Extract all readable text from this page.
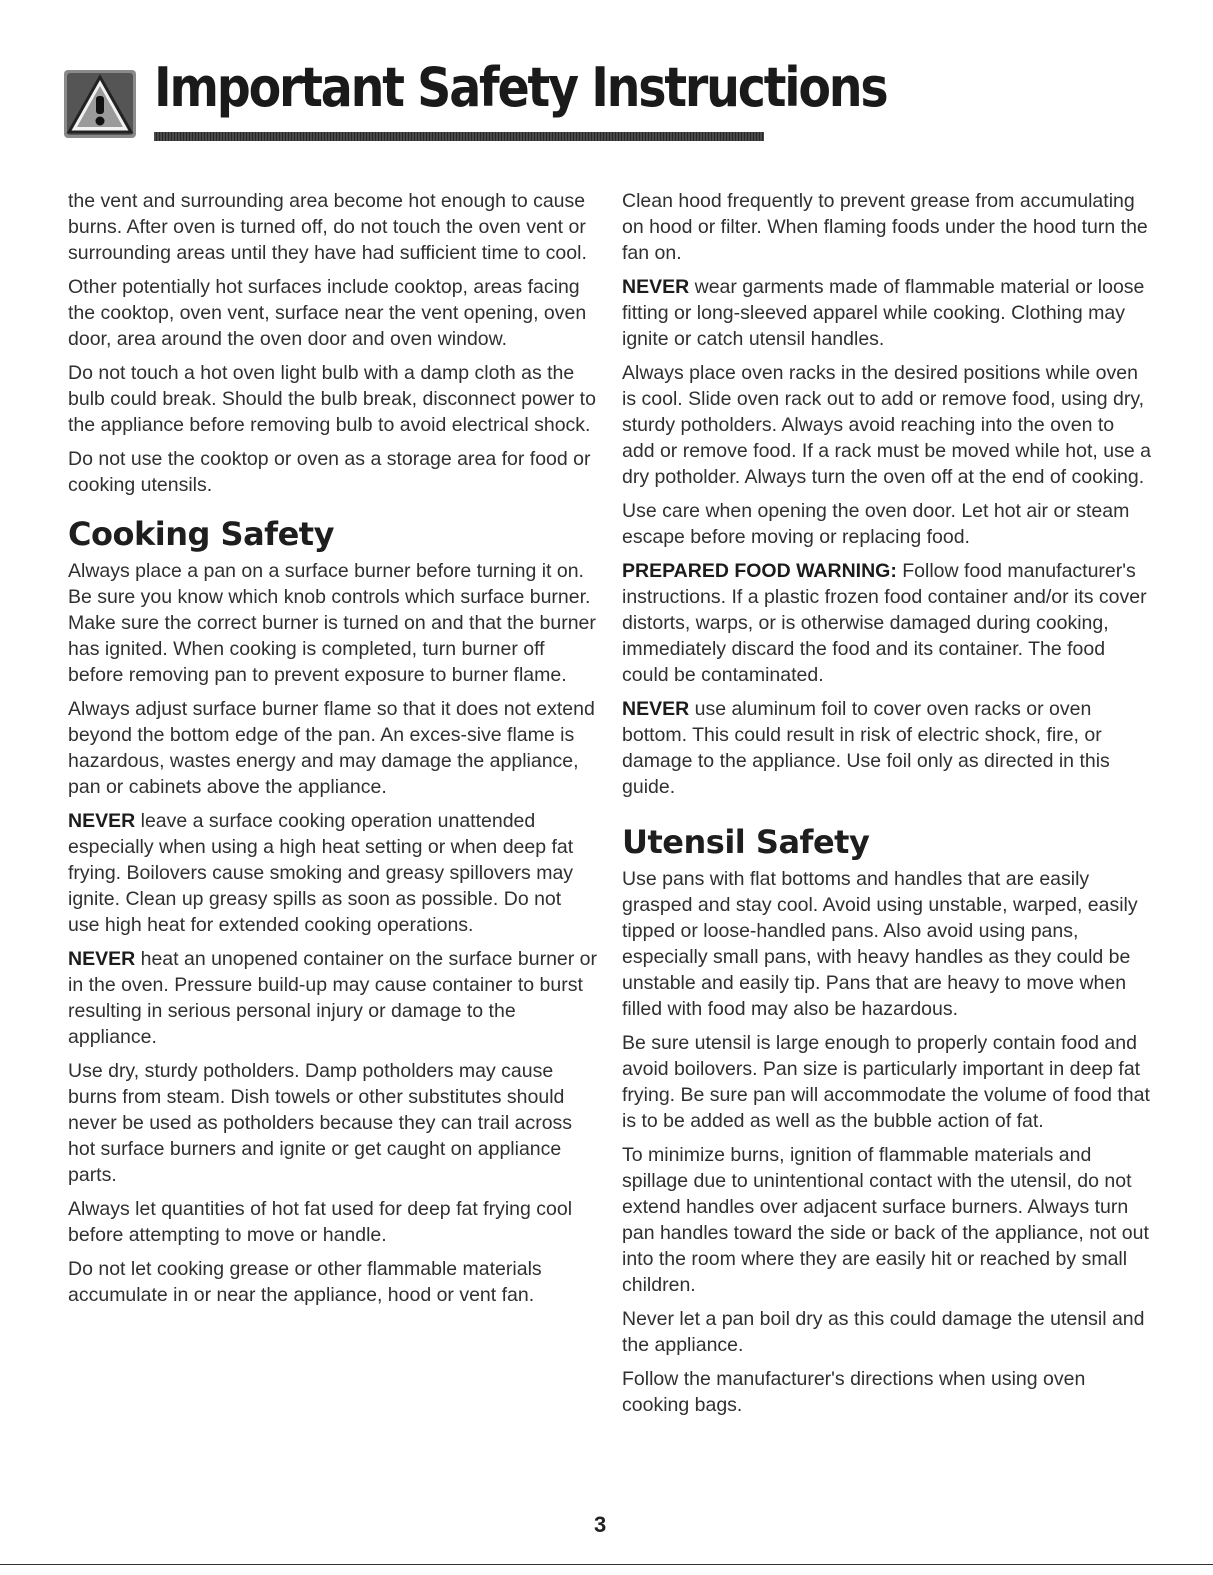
Important Safety Instructions

the vent and surrounding area become hot enough to cause burns. After oven is turned off, do not touch the oven vent or surrounding areas until they have had sufficient time to cool.

Other potentially hot surfaces include cooktop, areas facing the cooktop, oven vent, surface near the vent opening, oven door, area around the oven door and oven window.

Do not touch a hot oven light bulb with a damp cloth as the bulb could break. Should the bulb break, disconnect power to the appliance before removing bulb to avoid electrical shock.

Do not use the cooktop or oven as a storage area for food or cooking utensils.

Cooking Safety

Always place a pan on a surface burner before turning it on. Be sure you know which knob controls which surface burner. Make sure the correct burner is turned on and that the burner has ignited. When cooking is completed, turn burner off before removing pan to prevent exposure to burner flame.

Always adjust surface burner flame so that it does not extend beyond the bottom edge of the pan. An exces-sive flame is hazardous, wastes energy and may damage the appliance, pan or cabinets above the appliance.

NEVER leave a surface cooking operation unattended especially when using a high heat setting or when deep fat frying. Boilovers cause smoking and greasy spillovers may ignite. Clean up greasy spills as soon as possible. Do not use high heat for extended cooking operations.

NEVER heat an unopened container on the surface burner or in the oven. Pressure build-up may cause container to burst resulting in serious personal injury or damage to the appliance.

Use dry, sturdy potholders. Damp potholders may cause burns from steam. Dish towels or other substitutes should never be used as potholders because they can trail across hot surface burners and ignite or get caught on appliance parts.

Always let quantities of hot fat used for deep fat frying cool before attempting to move or handle.

Do not let cooking grease or other flammable materials accumulate in or near the appliance, hood or vent fan.

Clean hood frequently to prevent grease from accumulating on hood or filter. When flaming foods under the hood turn the fan on.

NEVER wear garments made of flammable material or loose fitting or long-sleeved apparel while cooking. Clothing may ignite or catch utensil handles.

Always place oven racks in the desired positions while oven is cool. Slide oven rack out to add or remove food, using dry, sturdy potholders. Always avoid reaching into the oven to add or remove food. If a rack must be moved while hot, use a dry potholder. Always turn the oven off at the end of cooking.

Use care when opening the oven door. Let hot air or steam escape before moving or replacing food.

PREPARED FOOD WARNING: Follow food manufacturer's instructions. If a plastic frozen food container and/or its cover distorts, warps, or is otherwise damaged during cooking, immediately discard the food and its container. The food could be contaminated.

NEVER use aluminum foil to cover oven racks or oven bottom. This could result in risk of electric shock, fire, or damage to the appliance. Use foil only as directed in this guide.

Utensil Safety

Use pans with flat bottoms and handles that are easily grasped and stay cool. Avoid using unstable, warped, easily tipped or loose-handled pans. Also avoid using pans, especially small pans, with heavy handles as they could be unstable and easily tip. Pans that are heavy to move when filled with food may also be hazardous.

Be sure utensil is large enough to properly contain food and avoid boilovers. Pan size is particularly important in deep fat frying. Be sure pan will accommodate the volume of food that is to be added as well as the bubble action of fat.

To minimize burns, ignition of flammable materials and spillage due to unintentional contact with the utensil, do not extend handles over adjacent surface burners. Always turn pan handles toward the side or back of the appliance, not out into the room where they are easily hit or reached by small children.

Never let a pan boil dry as this could damage the utensil and the appliance.

Follow the manufacturer's directions when using oven cooking bags.

3
